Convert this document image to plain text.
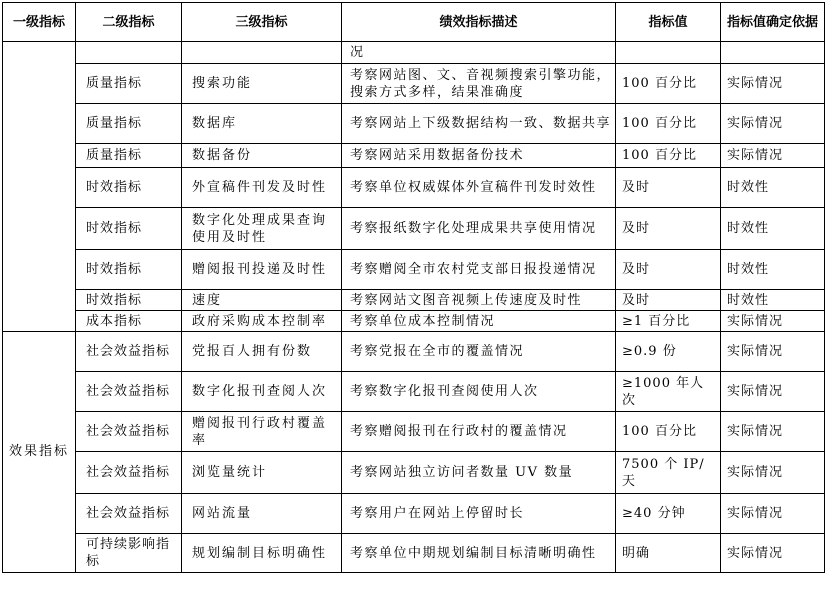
一级指标	二级指标	三级指标	绩效指标描述	指标值	指标值确定依据
			况		
	质量指标	搜索功能	考察网站图、文、音视频搜索引擎功能，搜索方式多样，结果准确度	100 百分比	实际情况
	质量指标	数据库	考察网站上下级数据结构一致、数据共享	100 百分比	实际情况
	质量指标	数据备份	考察网站采用数据备份技术	100 百分比	实际情况
	时效指标	外宣稿件刊发及时性	考察单位权威媒体外宣稿件刊发时效性	及时	时效性
	时效指标	数字化处理成果查询使用及时性	考察报纸数字化处理成果共享使用情况	及时	时效性
	时效指标	赠阅报刊投递及时性	考察赠阅全市农村党支部日报投递情况	及时	时效性
	时效指标	速度	考察网站文图音视频上传速度及时性	及时	时效性
	成本指标	政府采购成本控制率	考察单位成本控制情况	≥1 百分比	实际情况
效果指标	社会效益指标	党报百人拥有份数	考察党报在全市的覆盖情况	≥0.9 份	实际情况
	社会效益指标	数字化报刊查阅人次	考察数字化报刊查阅使用人次	≥1000 年人次	实际情况
	社会效益指标	赠阅报刊行政村覆盖率	考察赠阅报刊在行政村的覆盖情况	100 百分比	实际情况
	社会效益指标	浏览量统计	考察网站独立访问者数量 UV 数量	7500 个 IP/天	实际情况
	社会效益指标	网站流量	考察用户在网站上停留时长	≥40 分钟	实际情况
	可持续影响指标	规划编制目标明确性	考察单位中期规划编制目标清晰明确性	明确	实际情况
